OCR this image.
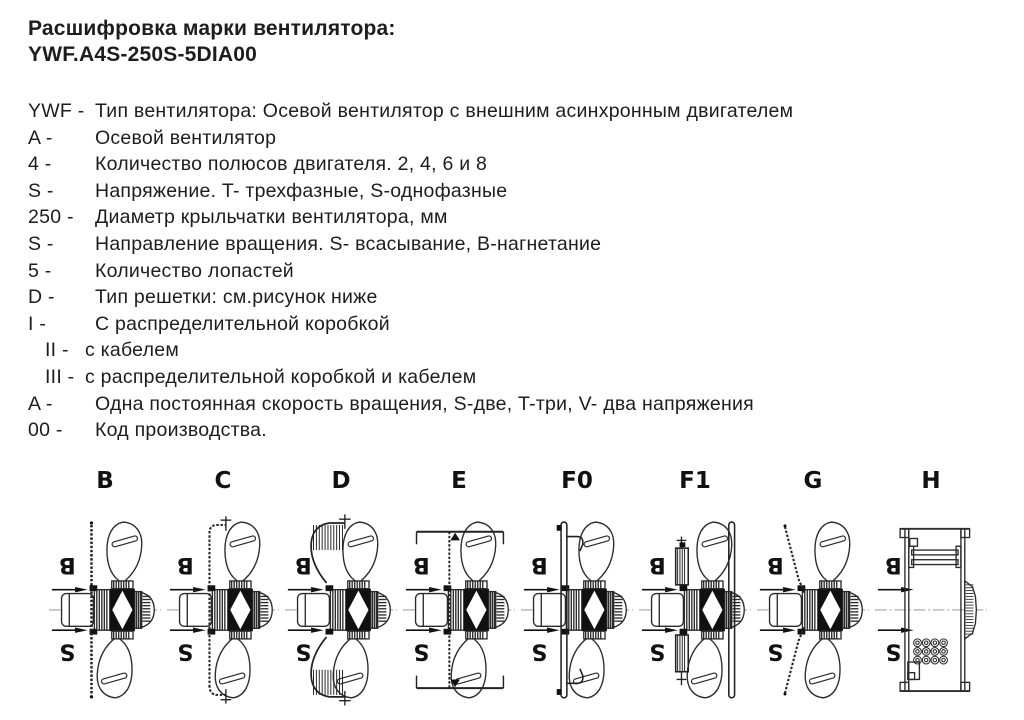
Расшифровка марки вентилятора:
YWF.A4S-250S-5DIA00
YWF - Тип вентилятора: Осевой вентилятор с внешним асинхронным двигателем
A -	Осевой вентилятор
4 -	Количество полюсов двигателя. 2, 4, 6 и 8
S -	Напряжение. T- трехфазные, S-однофазные
250 -	Диаметр крыльчатки вентилятора, мм
S -	Направление вращения. S- всасывание, B-нагнетание
5 -	Количество лопастей
D -	Тип решетки: см.рисунок ниже
I -	С распределительной коробкой
II - с кабелем
III - с распределительной коробкой и кабелем
A -	Одна постоянная скорость вращения, S-две, T-три, V- два напряжения
00 -	Код производства.
B
B
S
C
B
S
D
B
S
E
B
S
F0
B
S
F1
B
S
G
B
S
H
B
S
